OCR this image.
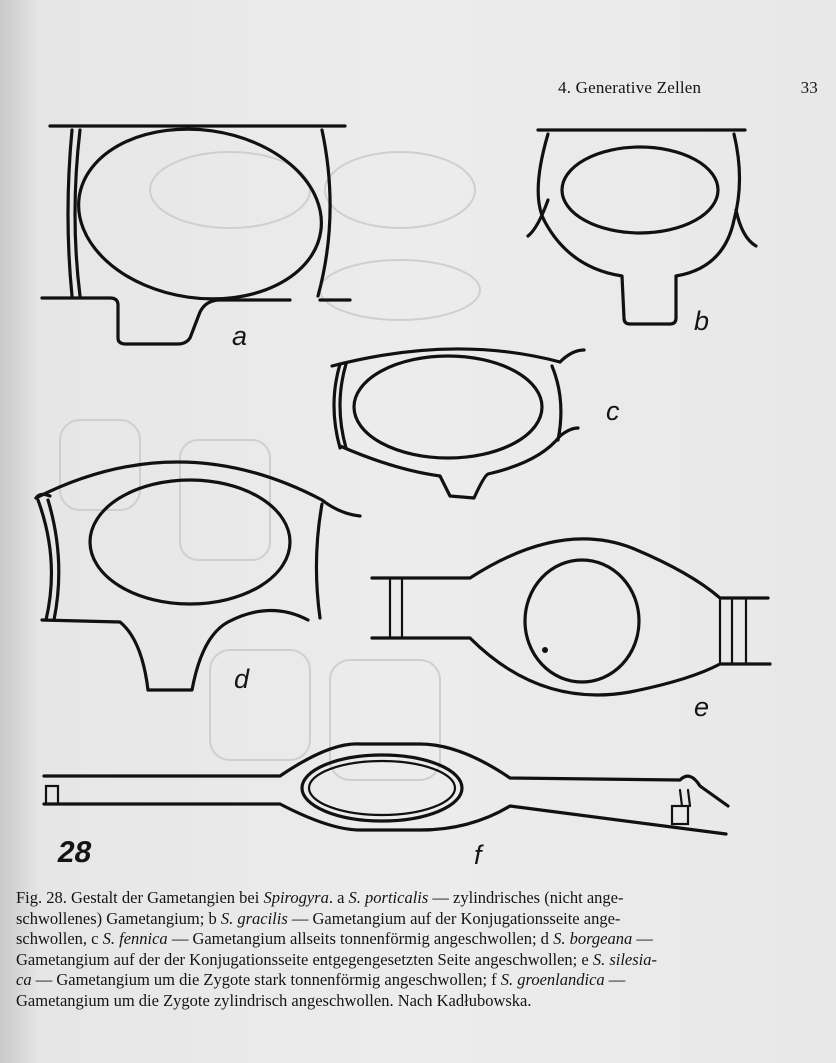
4. Generative Zellen	33
a	b
c
d
e
f
28
Fig. 28. Gestalt der Gametangien bei Spirogyra. a S. porticalis — zylindrisches (nicht ange-
schwollenes) Gametangium; b S. gracilis — Gametangium auf der Konjugationsseite ange-
schwollen, c S. fennica — Gametangium allseits tonnenförmig angeschwollen; d S. borgeana —
Gametangium auf der der Konjugationsseite entgegengesetzten Seite angeschwollen; e S. silesia-
ca — Gametangium um die Zygote stark tonnenförmig angeschwollen; f S. groenlandica —
Gametangium um die Zygote zylindrisch angeschwollen. Nach Kadłubowska.
